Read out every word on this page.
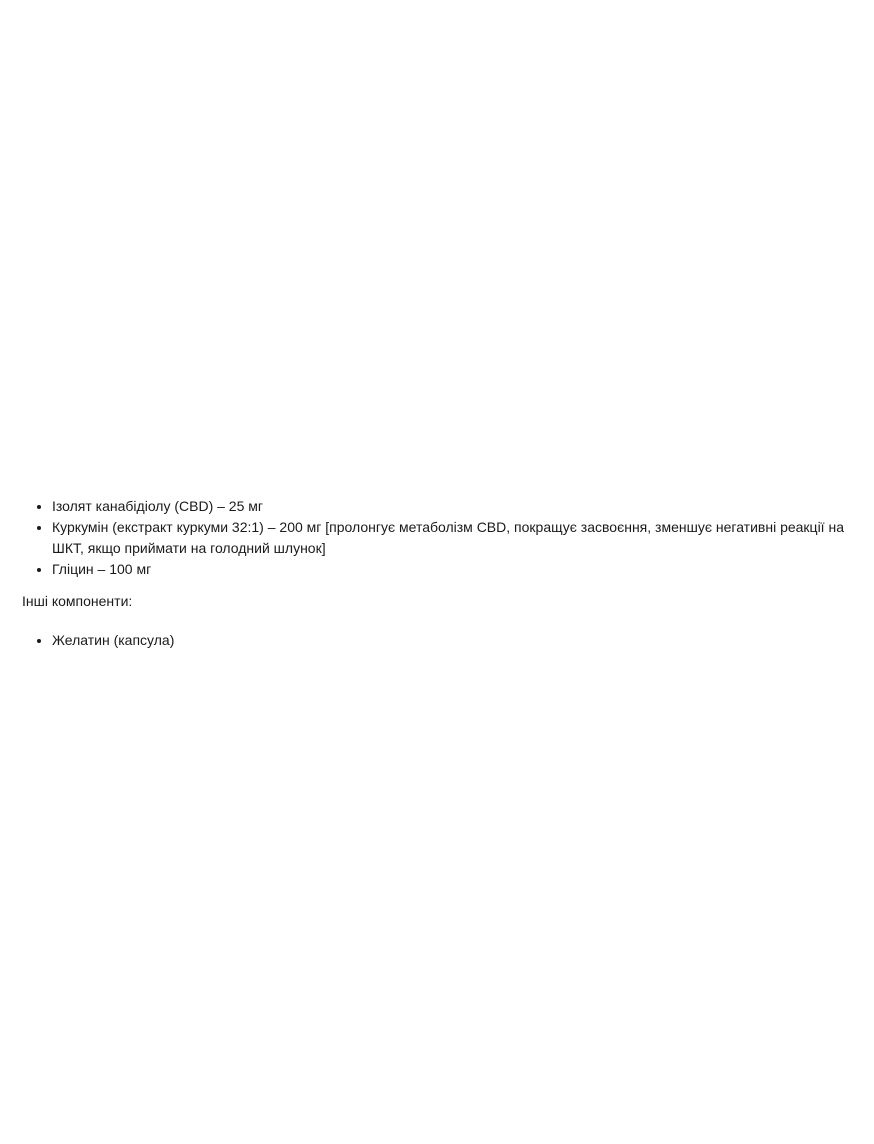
• Ізолят канабідіолу (CBD) – 25 мг
• Куркумін (екстракт куркуми 32:1) – 200 мг [пролонгує метаболізм CBD, покращує засвоєння, зменшує негативні реакції на ШКТ, якщо приймати на голодний шлунок]
• Гліцин – 100 мг

Інші компоненти:

• Желатин (капсула)
